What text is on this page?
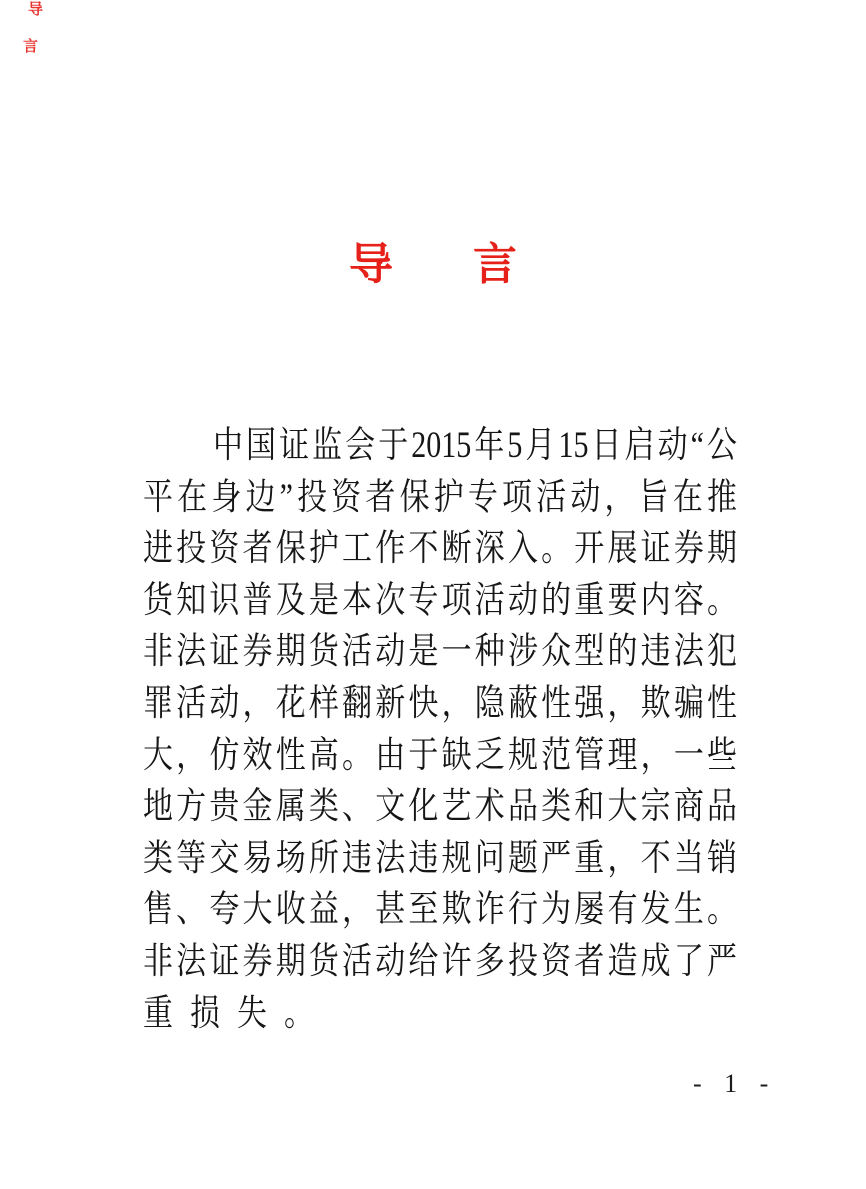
导
言
导 言
中国证监会于2015年5月15日启动“公
平在身边”投资者保护专项活动，旨在推
进投资者保护工作不断深入。开展证券期
货知识普及是本次专项活动的重要内容。
非法证券期货活动是一种涉众型的违法犯
罪活动，花样翻新快，隐蔽性强，欺骗性
大，仿效性高。由于缺乏规范管理，一些
地方贵金属类、文化艺术品类和大宗商品
类等交易场所违法违规问题严重，不当销
售、夸大收益，甚至欺诈行为屡有发生。
非法证券期货活动给许多投资者造成了严
重损失。
- 1 -
